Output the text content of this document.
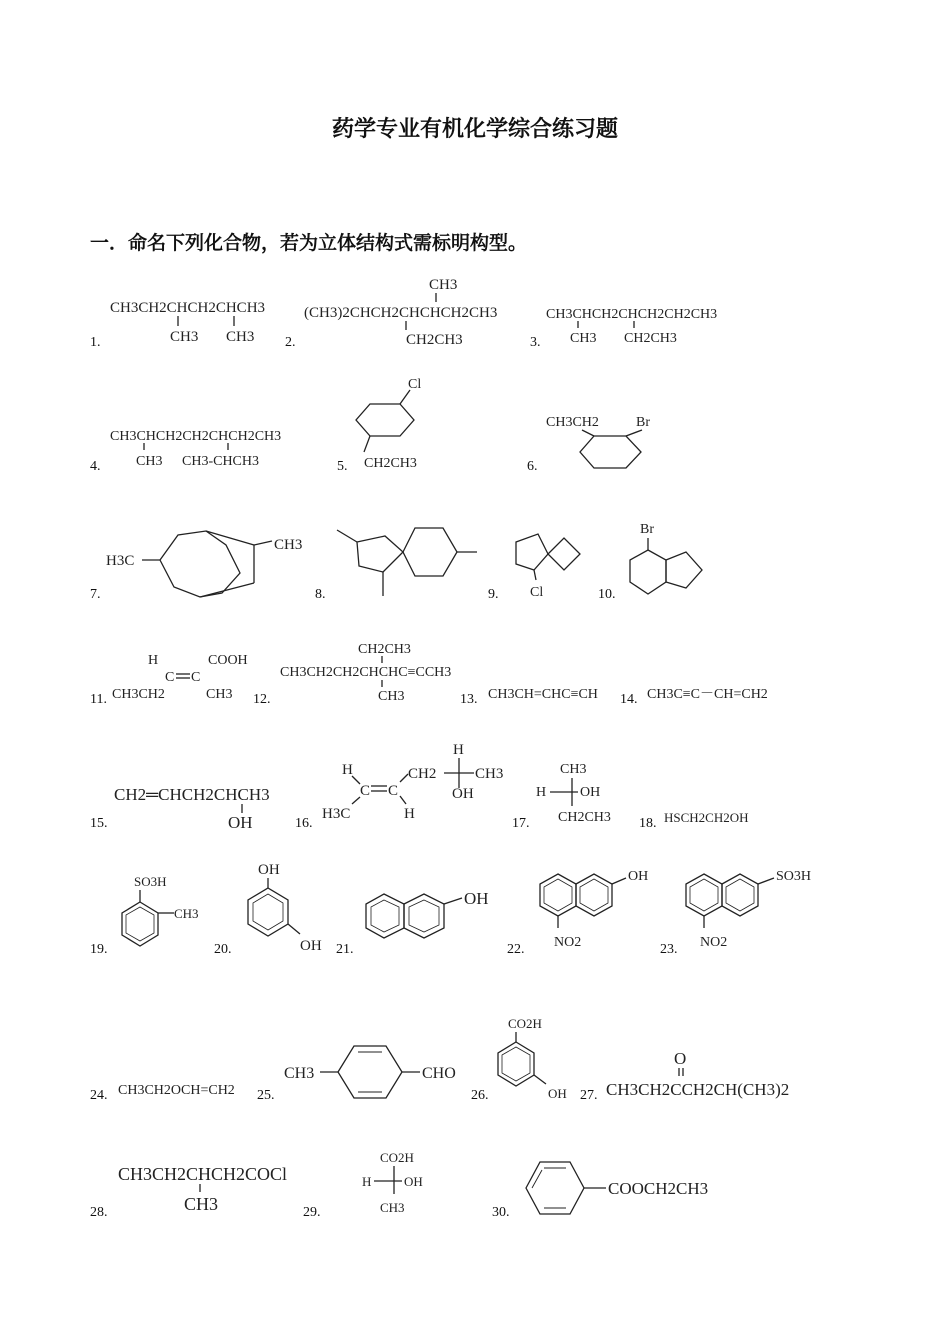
药学专业有机化学综合练习题
一．命名下列化合物，若为立体结构式需标明构型。
1.	2.	3.
4.	5.	6.
7.	8.	9.	10.
11.	12.	13.	14.
15.	16.	17.	18.
19.	20.	21.	22.	23.
24.	25.	26.	27.
28.	29.	30.
CH3CH2CHCH2CHCH3
CH3 CH3
CH3
(CH3)2CHCH2CHCHCH2CH3
CH2CH3
CH3CHCH2CHCH2CH2CH3
CH3 CH2CH3
CH3CHCH2CH2CHCH2CH3
CH3 CH3-CHCH3
Cl
CH2CH3
CH3CH2	Br
H3C
CH3
Cl
Br
H	COOH
C C
CH3CH2	CH3
CH2CH3
CH3CH2CH2CHCHC≡CCH3
CH3	CH3CH=CHC≡CH	CH3C≡C－CH=CH2
CH2═CHCH2CHCH3
OH
H
C C
H3C	H
CH2
H
CH3
OH
CH3
H OH
CH2CH3	HSCH2CH2OH
SO3H
CH3
OH
OH
OH
OH
NO2
SO3H
NO2
CH3CH2OCH=CH2
CH3	CHO
CO2H
OH
O
CH3CH2CCH2CH(CH3)2
CH3CH2CHCH2COCl
CH3
CO2H
H	OH
CH3
COOCH2CH3
